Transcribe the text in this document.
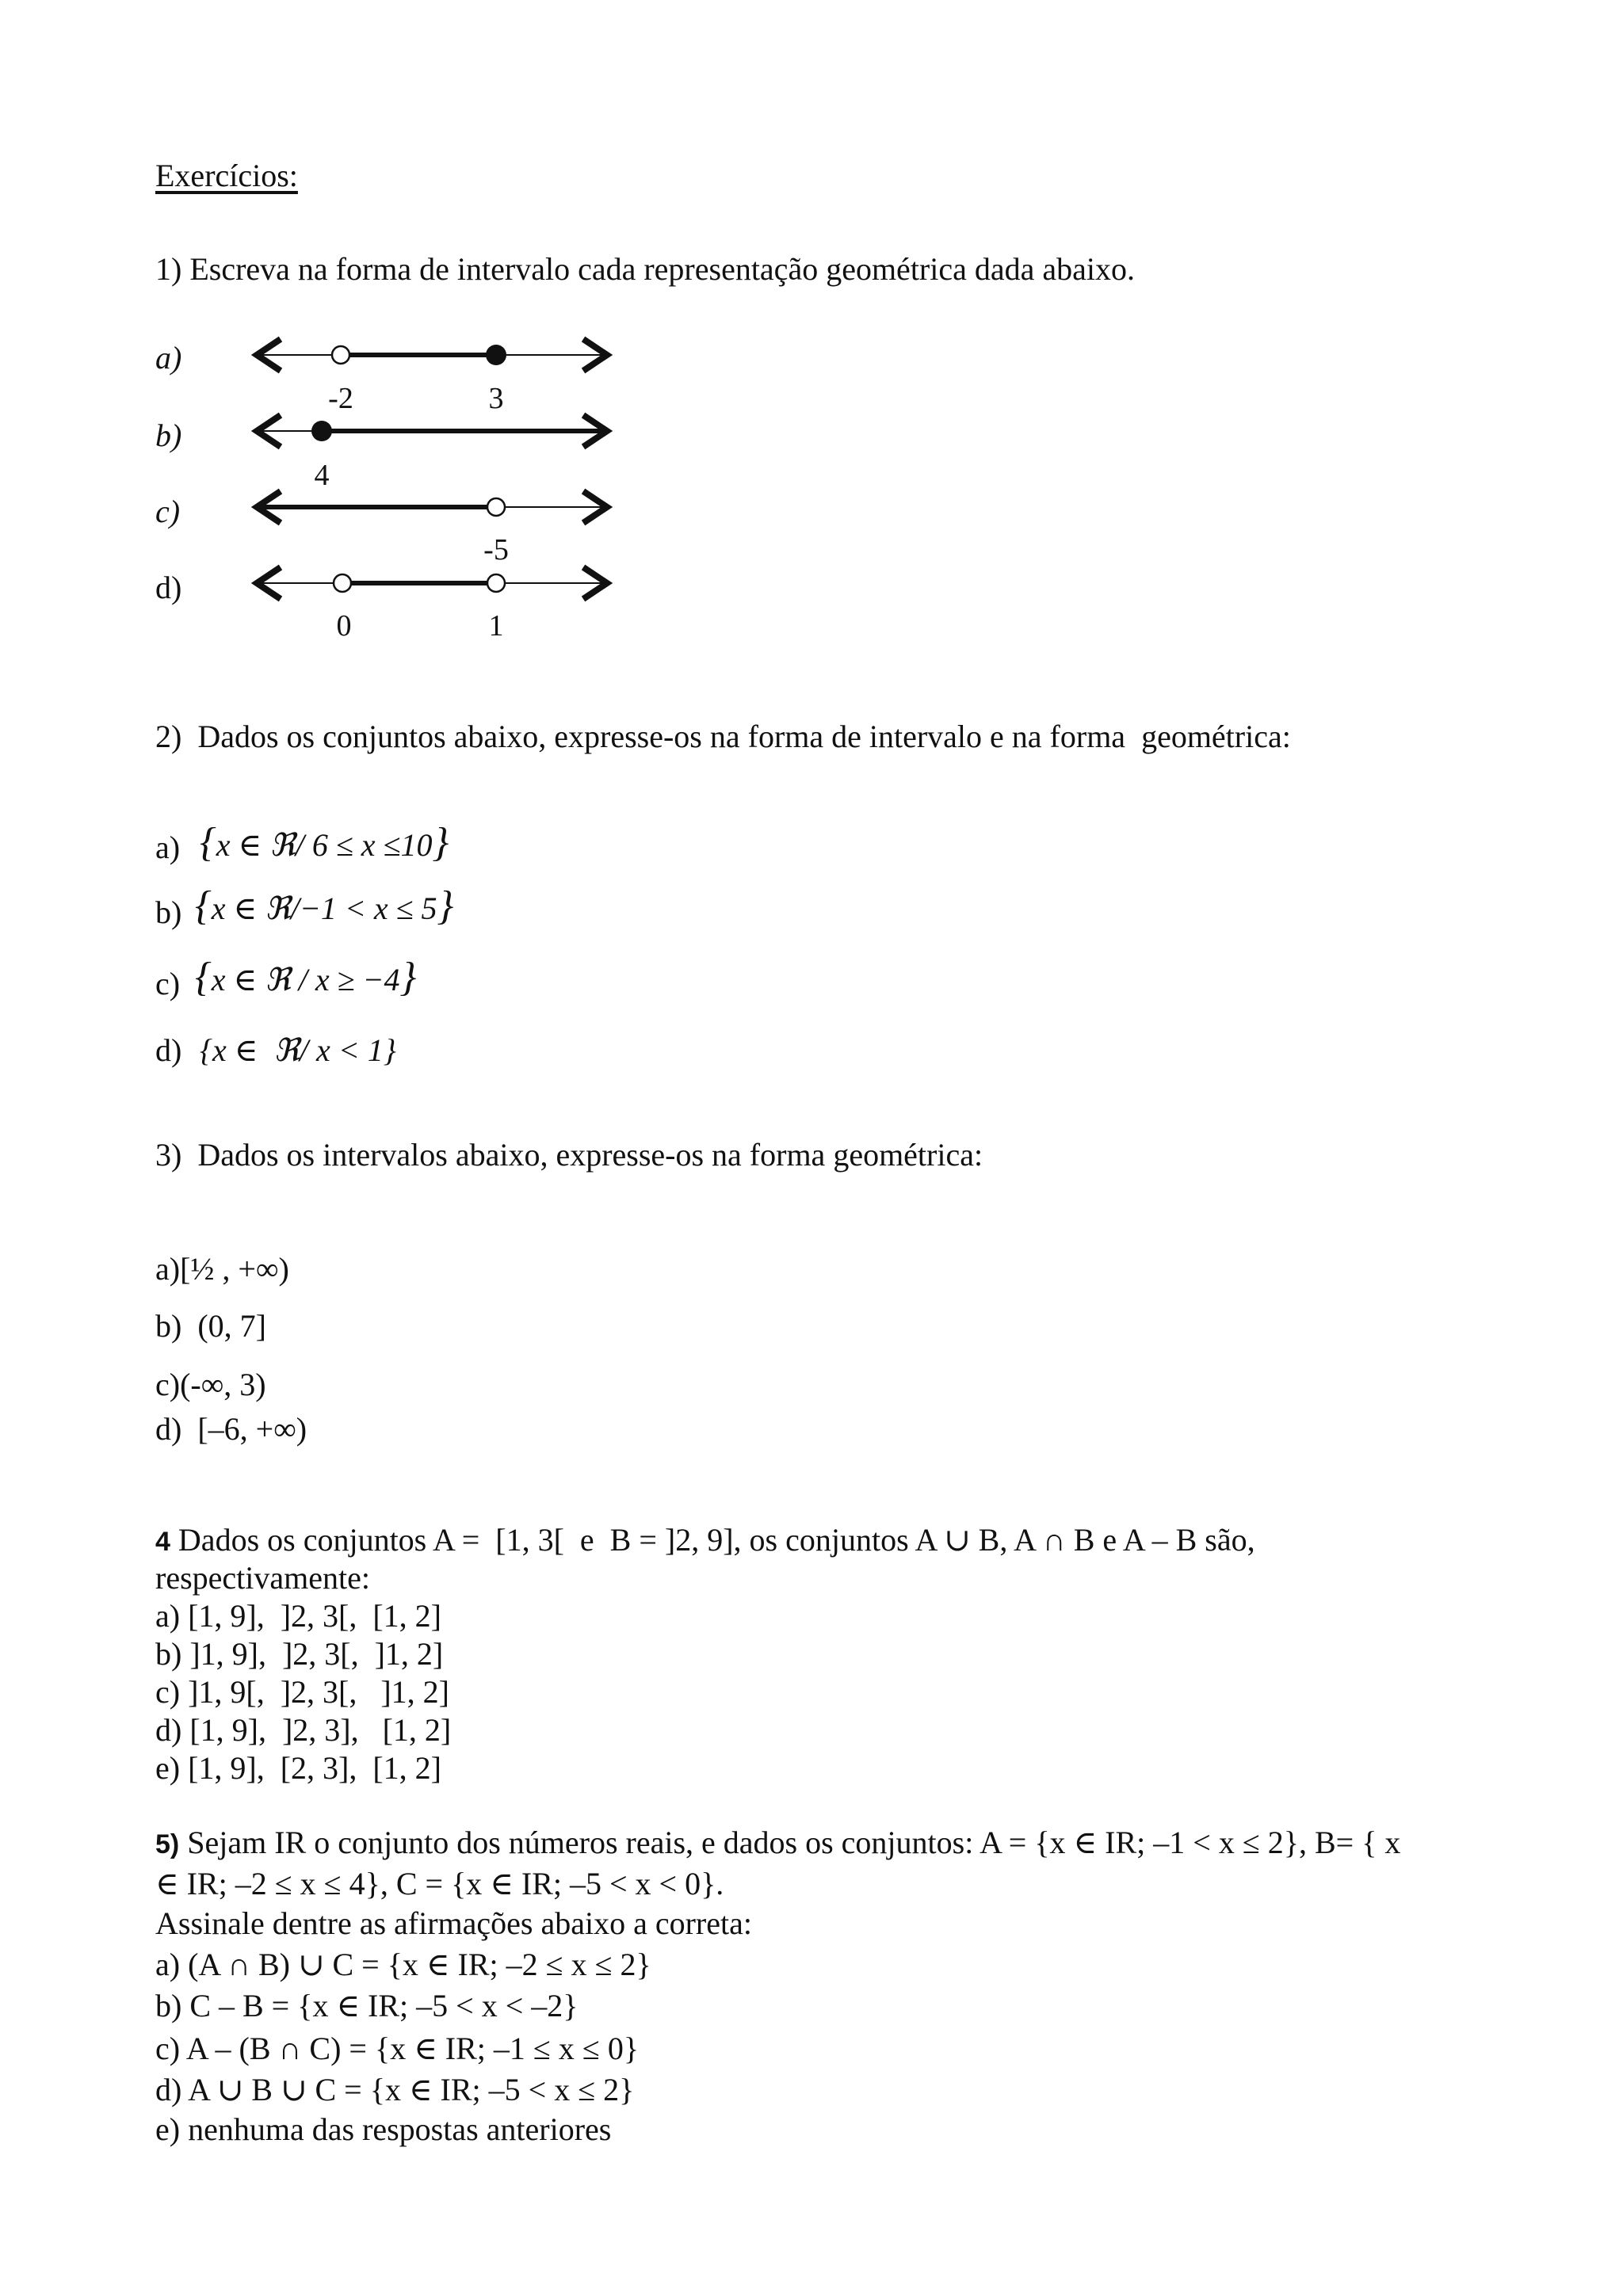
Exercícios:
1) Escreva na forma de intervalo cada representação geométrica dada abaixo.
a)
-2	3
b)
4
c)
-5
d)
0	1
2)  Dados os conjuntos abaixo, expresse-os na forma de intervalo e na forma  geométrica:
a) {x ∈ ℜ/ 6 ≤ x ≤10}
b) {x ∈ ℜ/−1 < x ≤ 5}
c) {x ∈ ℜ / x ≥ −4}
d) {x ∈  ℜ/ x < 1}
3)  Dados os intervalos abaixo, expresse-os na forma geométrica:
a)[½ , +∞)
b)  (0, 7]
c)(-∞, 3)
d)  [–6, +∞)
4 Dados os conjuntos A =  [1, 3[  e  B = ]2, 9], os conjuntos A ∪ B, A ∩ B e A – B são,
respectivamente:
a) [1, 9],  ]2, 3[,  [1, 2]
b) ]1, 9],  ]2, 3[,  ]1, 2]
c) ]1, 9[,  ]2, 3[,   ]1, 2]
d) [1, 9],  ]2, 3],   [1, 2]
e) [1, 9],  [2, 3],  [1, 2]
5) Sejam IR o conjunto dos números reais, e dados os conjuntos: A = {x ∈ IR; –1 < x ≤ 2}, B= { x
∈ IR; –2 ≤ x ≤ 4}, C = {x ∈ IR; –5 < x < 0}.
Assinale dentre as afirmações abaixo a correta:
a) (A ∩ B) ∪ C = {x ∈ IR; –2 ≤ x ≤ 2}
b) C – B = {x ∈ IR; –5 < x < –2}
c) A – (B ∩ C) = {x ∈ IR; –1 ≤ x ≤ 0}
d) A ∪ B ∪ C = {x ∈ IR; –5 < x ≤ 2}
e) nenhuma das respostas anteriores
